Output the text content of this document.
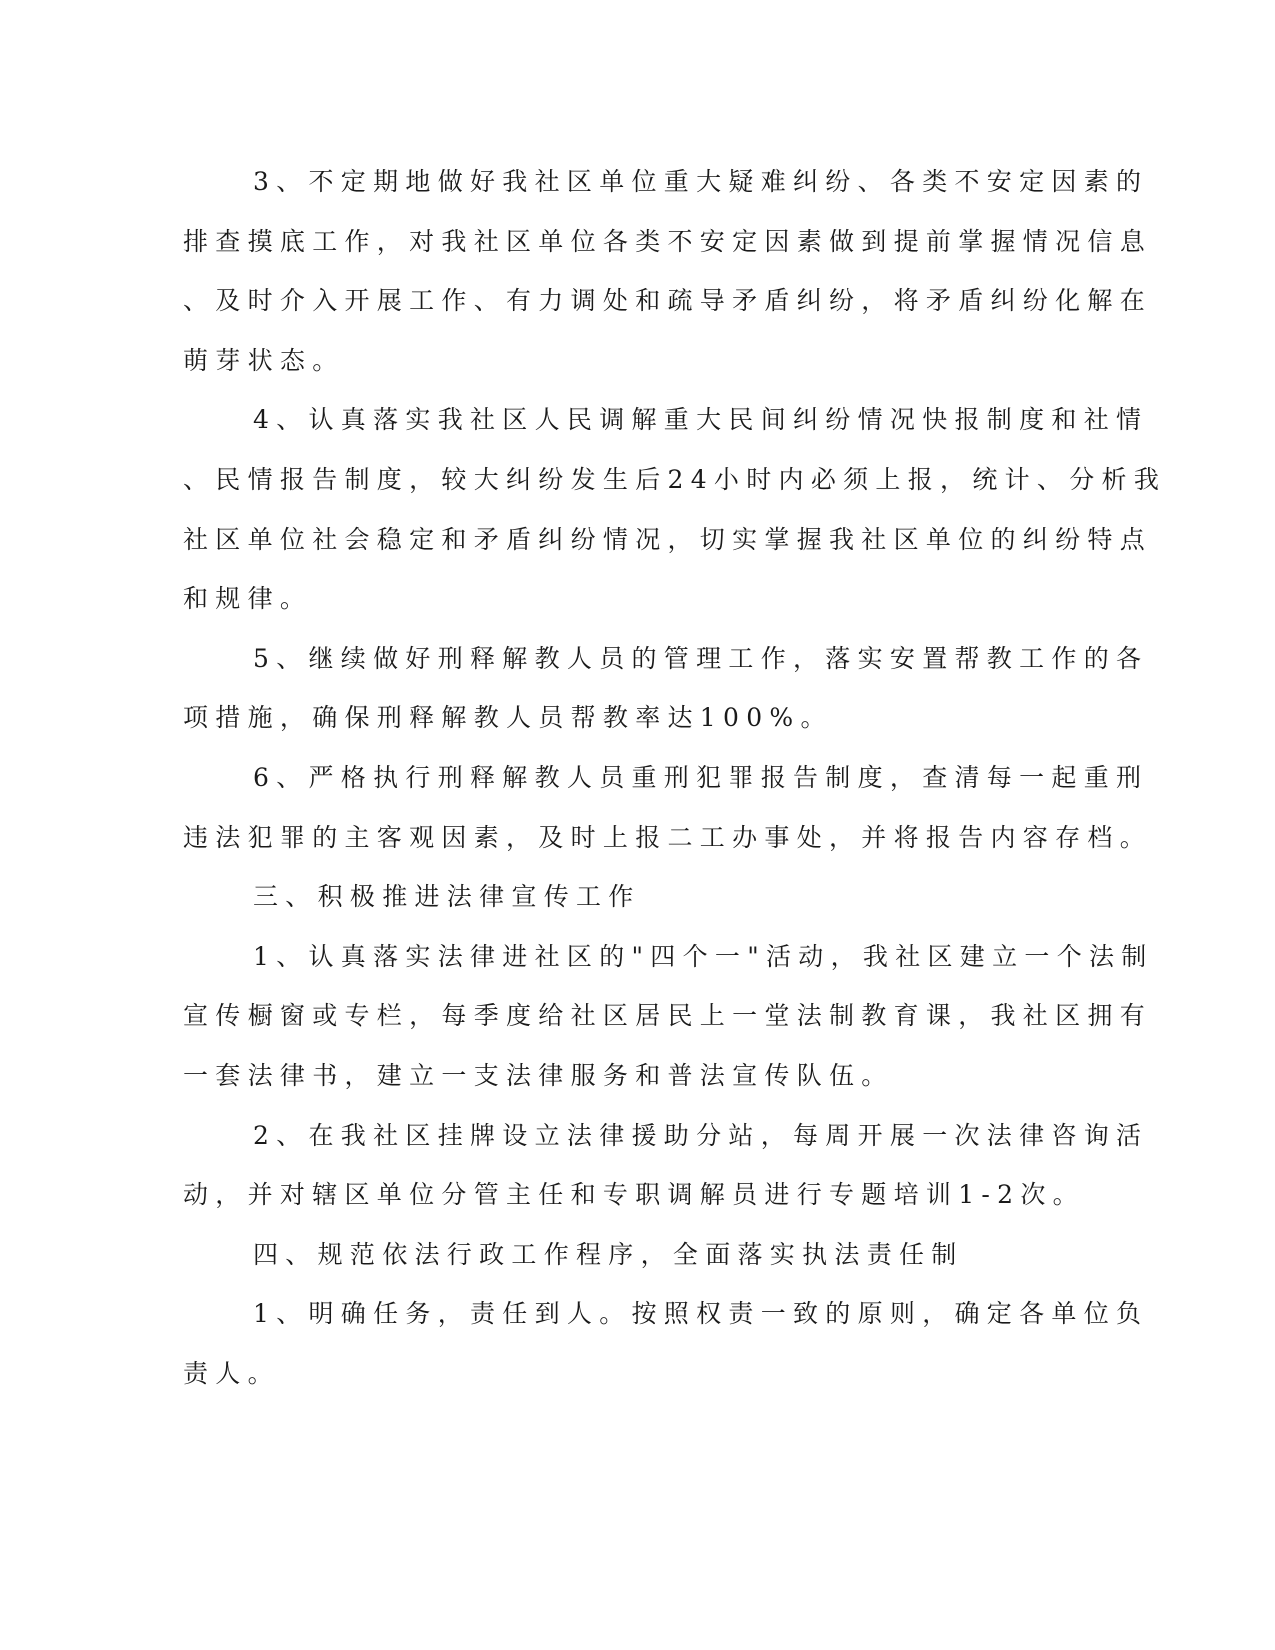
3、不定期地做好我社区单位重大疑难纠纷、各类不安定因素的
排查摸底工作，对我社区单位各类不安定因素做到提前掌握情况信息
、及时介入开展工作、有力调处和疏导矛盾纠纷，将矛盾纠纷化解在
萌芽状态。
4、认真落实我社区人民调解重大民间纠纷情况快报制度和社情
、民情报告制度，较大纠纷发生后24小时内必须上报，统计、分析我
社区单位社会稳定和矛盾纠纷情况，切实掌握我社区单位的纠纷特点
和规律。
5、继续做好刑释解教人员的管理工作，落实安置帮教工作的各
项措施，确保刑释解教人员帮教率达100%。
6、严格执行刑释解教人员重刑犯罪报告制度，查清每一起重刑
违法犯罪的主客观因素，及时上报二工办事处，并将报告内容存档。
三、积极推进法律宣传工作
1、认真落实法律进社区的"四个一"活动，我社区建立一个法制
宣传橱窗或专栏，每季度给社区居民上一堂法制教育课，我社区拥有
一套法律书，建立一支法律服务和普法宣传队伍。
2、在我社区挂牌设立法律援助分站，每周开展一次法律咨询活
动，并对辖区单位分管主任和专职调解员进行专题培训1-2次。
四、规范依法行政工作程序，全面落实执法责任制
1、明确任务，责任到人。按照权责一致的原则，确定各单位负
责人。
